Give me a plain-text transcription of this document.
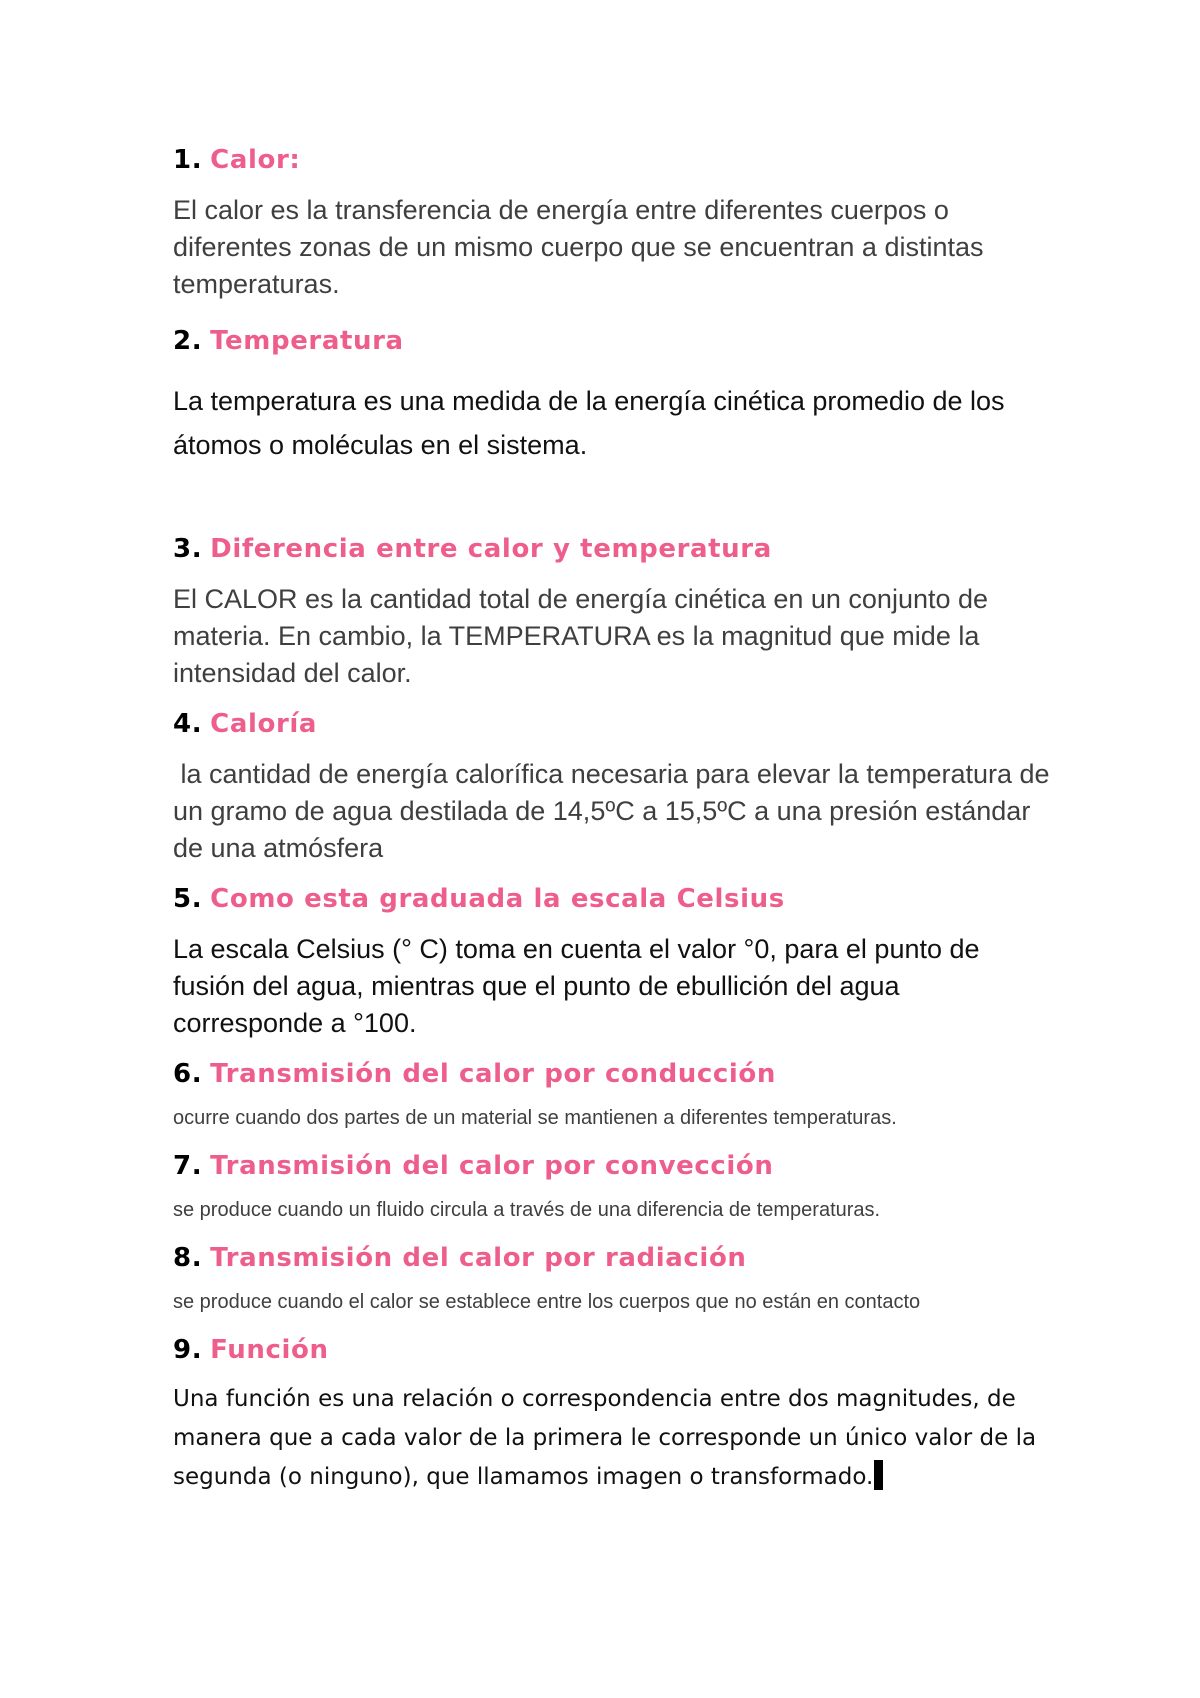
1. Calor:

El calor es la transferencia de energía entre diferentes cuerpos o diferentes zonas de un mismo cuerpo que se encuentran a distintas temperaturas.

2. Temperatura

La temperatura es una medida de la energía cinética promedio de los átomos o moléculas en el sistema.

3. Diferencia entre calor y temperatura

El CALOR es la cantidad total de energía cinética en un conjunto de materia. En cambio, la TEMPERATURA es la magnitud que mide la intensidad del calor.

4. Caloría

la cantidad de energía calorífica necesaria para elevar la temperatura de un gramo de agua destilada de 14,5ºC a 15,5ºC a una presión estándar de una atmósfera

5. Como esta graduada la escala Celsius

La escala Celsius (° C) toma en cuenta el valor °0, para el punto de fusión del agua, mientras que el punto de ebullición del agua corresponde a °100.

6. Transmisión del calor por conducción

ocurre cuando dos partes de un material se mantienen a diferentes temperaturas.

7. Transmisión del calor por convección

se produce cuando un fluido circula a través de una diferencia de temperaturas.

8. Transmisión del calor por radiación

se produce cuando el calor se establece entre los cuerpos que no están en contacto

9. Función

Una función es una relación o correspondencia entre dos magnitudes, de manera que a cada valor de la primera le corresponde un único valor de la segunda (o ninguno), que llamamos imagen o transformado.
